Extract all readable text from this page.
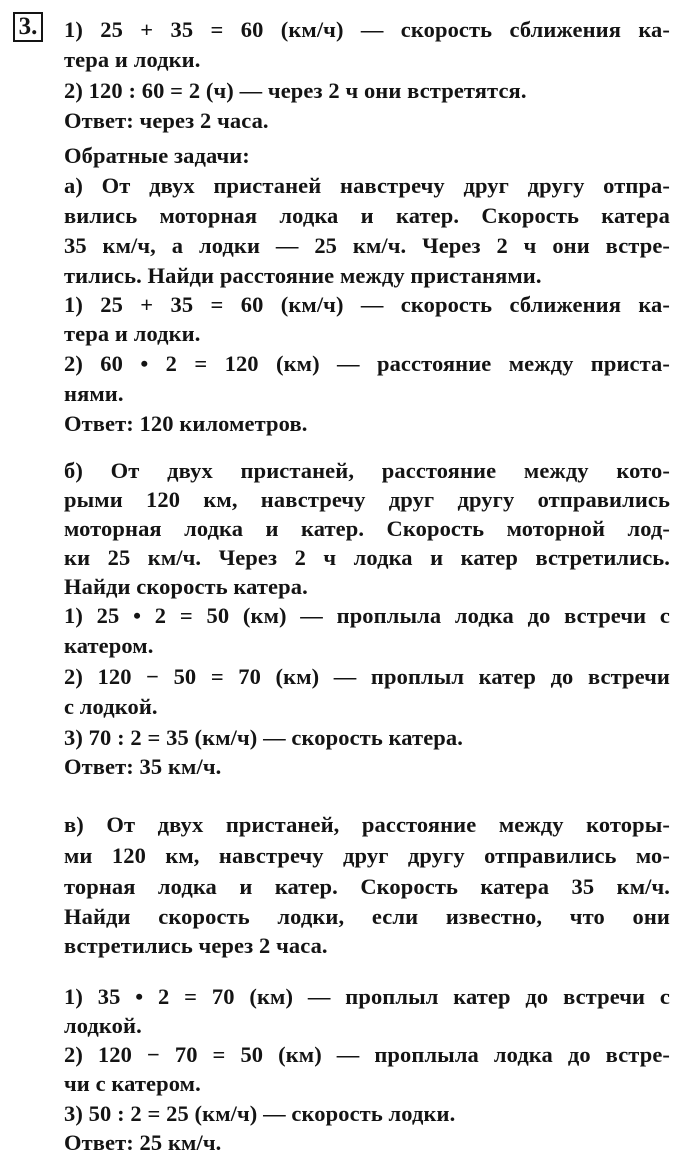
3. 1) 25 + 35 = 60 (км/ч) — скорость сближения ка-
тера и лодки.
2) 120 : 60 = 2 (ч) — через 2 ч они встретятся.
Ответ: через 2 часа.
Обратные задачи:
а) От двух пристаней навстречу друг другу отпра-
вились моторная лодка и катер. Скорость катера
35 км/ч, а лодки — 25 км/ч. Через 2 ч они встре-
тились. Найди расстояние между пристанями.
1) 25 + 35 = 60 (км/ч) — скорость сближения ка-
тера и лодки.
2) 60 • 2 = 120 (км) — расстояние между приста-
нями.
Ответ: 120 километров.
б) От двух пристаней, расстояние между кото-
рыми 120 км, навстречу друг другу отправились
моторная лодка и катер. Скорость моторной лод-
ки 25 км/ч. Через 2 ч лодка и катер встретились.
Найди скорость катера.
1) 25 • 2 = 50 (км) — проплыла лодка до встречи с
катером.
2) 120 − 50 = 70 (км) — проплыл катер до встречи
с лодкой.
3) 70 : 2 = 35 (км/ч) — скорость катера.
Ответ: 35 км/ч.
в) От двух пристаней, расстояние между которы-
ми 120 км, навстречу друг другу отправились мо-
торная лодка и катер. Скорость катера 35 км/ч.
Найди скорость лодки, если известно, что они
встретились через 2 часа.
1) 35 • 2 = 70 (км) — проплыл катер до встречи с
лодкой.
2) 120 − 70 = 50 (км) — проплыла лодка до встре-
чи с катером.
3) 50 : 2 = 25 (км/ч) — скорость лодки.
Ответ: 25 км/ч.
